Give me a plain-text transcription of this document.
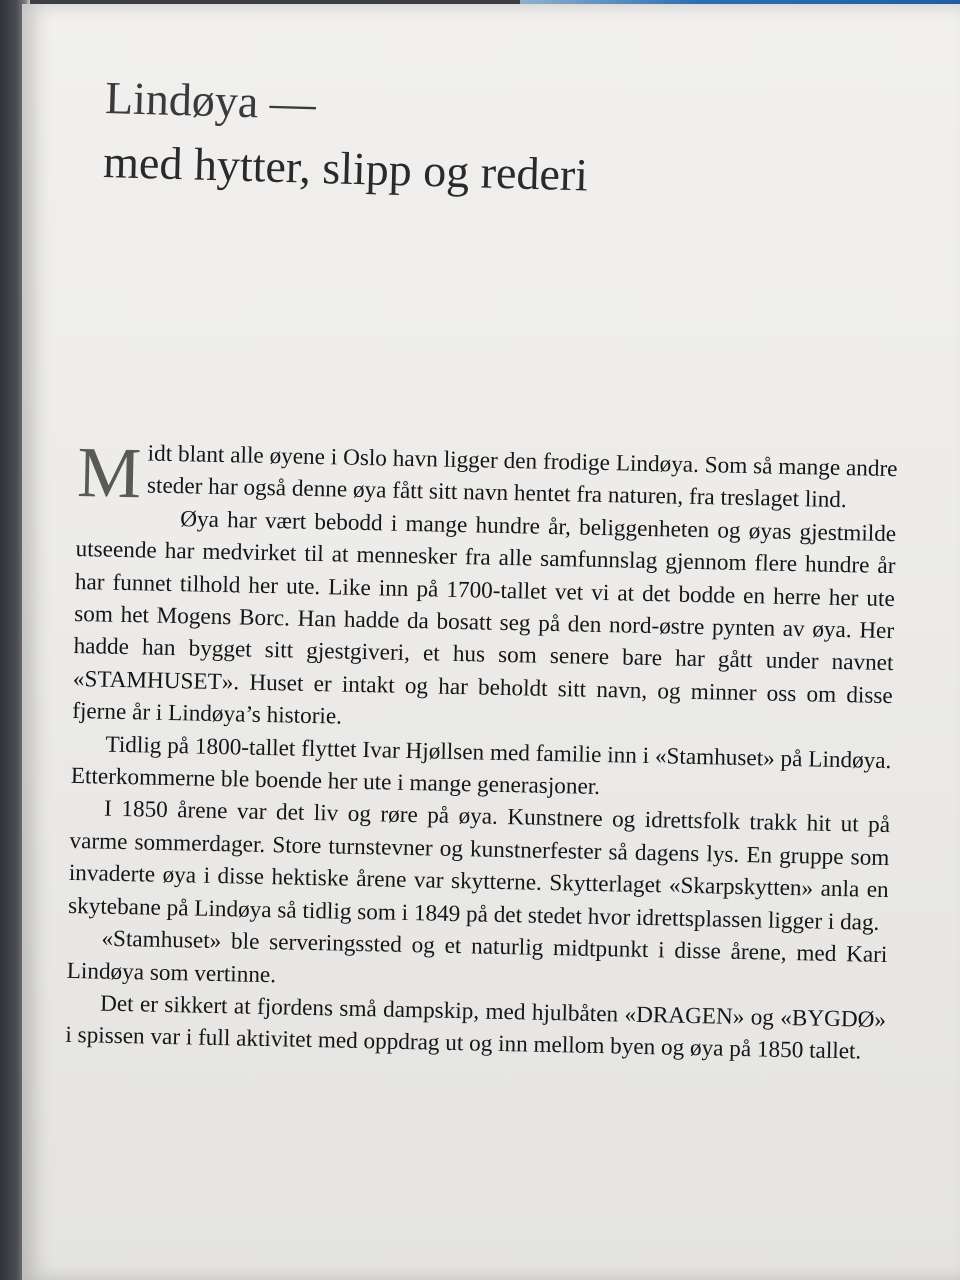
Lindøya —
med hytter, slipp og rederi

Midt blant alle øyene i Oslo havn ligger den frodige Lindøya. Som så mange andre steder har også denne øya fått sitt navn hentet fra naturen, fra treslaget lind.

Øya har vært bebodd i mange hundre år, beliggenheten og øyas gjestmilde utseende har medvirket til at mennesker fra alle samfunnslag gjennom flere hundre år har funnet tilhold her ute. Like inn på 1700-tallet vet vi at det bodde en herre her ute som het Mogens Borc. Han hadde da bosatt seg på den nord-østre pynten av øya. Her hadde han bygget sitt gjestgiveri, et hus som senere bare har gått under navnet «STAMHUSET». Huset er intakt og har beholdt sitt navn, og minner oss om disse fjerne år i Lindøya’s historie.

Tidlig på 1800-tallet flyttet Ivar Hjøllsen med familie inn i «Stamhuset» på Lindøya. Etterkommerne ble boende her ute i mange generasjoner.

I 1850 årene var det liv og røre på øya. Kunstnere og idrettsfolk trakk hit ut på varme sommerdager. Store turnstevner og kunstnerfester så dagens lys. En gruppe som invaderte øya i disse hektiske årene var skytterne. Skytterlaget «Skarpskytten» anla en skytebane på Lindøya så tidlig som i 1849 på det stedet hvor idrettsplassen ligger i dag.

«Stamhuset» ble serveringssted og et naturlig midtpunkt i disse årene, med Kari Lindøya som vertinne.

Det er sikkert at fjordens små dampskip, med hjulbåten «DRAGEN» og «BYGDØ» i spissen var i full aktivitet med oppdrag ut og inn mellom byen og øya på 1850 tallet.
